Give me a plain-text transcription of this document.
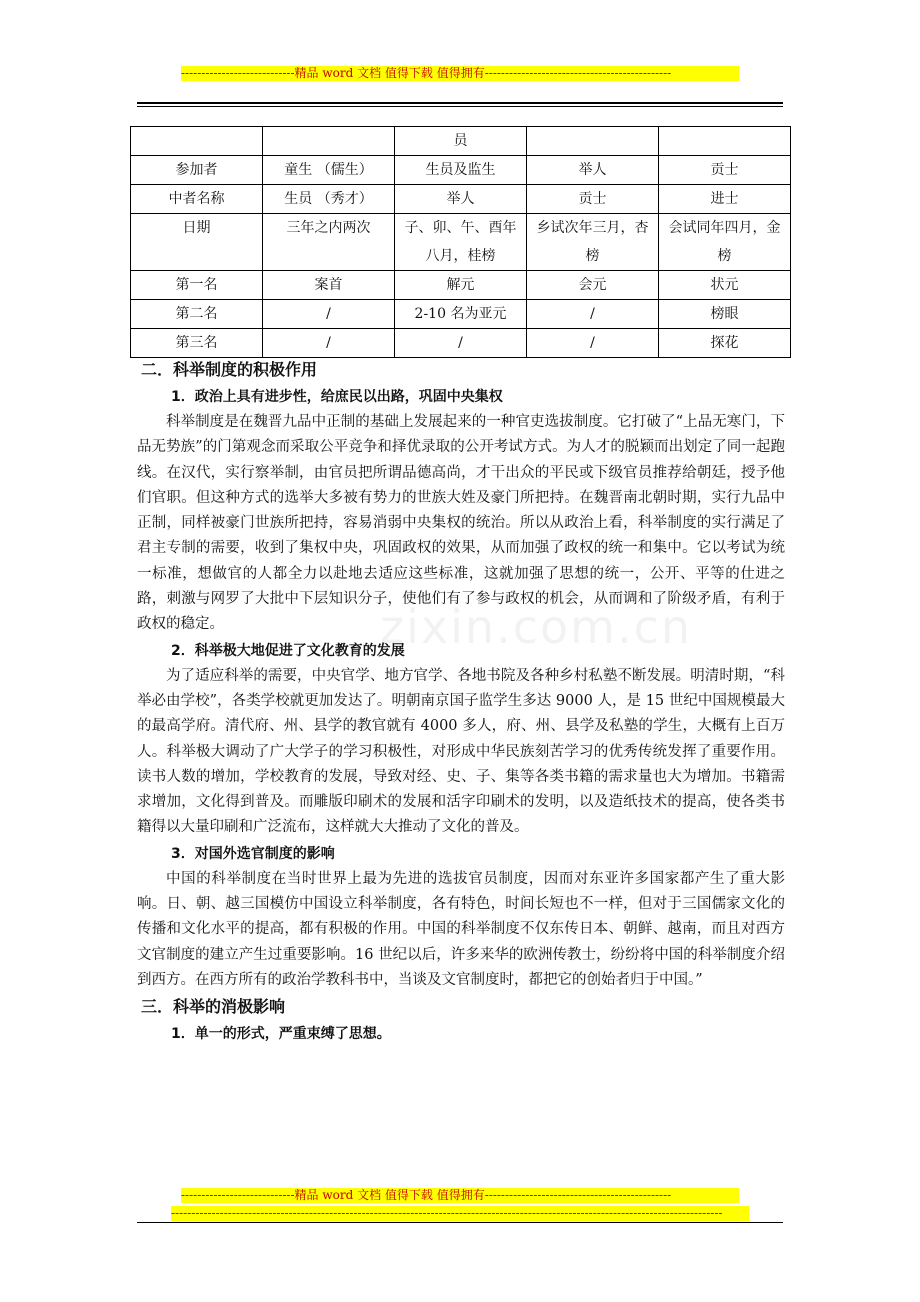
----------------------------精品 word 文档 值得下载 值得拥有----------------------------------------------
		员		
参加者	童生 （儒生）	生员及监生	举人	贡士
中者名称	生员 （秀才）	举人	贡士	进士
日期	三年之内两次	子、卯、午、酉年八月，桂榜	乡试次年三月，杏榜	会试同年四月，金榜
第一名	案首	解元	会元	状元
第二名	/	2-10 名为亚元	/	榜眼
第三名	/	/	/	探花
zixin.com.cn
二．科举制度的积极作用
1．政治上具有进步性，给庶民以出路，巩固中央集权

科举制度是在魏晋九品中正制的基础上发展起来的一种官吏选拔制度。它打破了“上品无寒门，下品无势族”的门第观念而采取公平竞争和择优录取的公开考试方式。为人才的脱颖而出划定了同一起跑线。在汉代，实行察举制，由官员把所谓品德高尚，才干出众的平民或下级官员推荐给朝廷，授予他们官职。但这种方式的选举大多被有势力的世族大姓及豪门所把持。在魏晋南北朝时期，实行九品中正制，同样被豪门世族所把持，容易消弱中央集权的统治。所以从政治上看，科举制度的实行满足了君主专制的需要，收到了集权中央，巩固政权的效果，从而加强了政权的统一和集中。它以考试为统一标准，想做官的人都全力以赴地去适应这些标准，这就加强了思想的统一，公开、平等的仕进之路，刺激与网罗了大批中下层知识分子，使他们有了参与政权的机会，从而调和了阶级矛盾，有利于政权的稳定。

2．科举极大地促进了文化教育的发展

为了适应科举的需要，中央官学、地方官学、各地书院及各种乡村私塾不断发展。明清时期，“科举必由学校”，各类学校就更加发达了。明朝南京国子监学生多达 9000 人，是 15 世纪中国规模最大的最高学府。清代府、州、县学的教官就有 4000 多人，府、州、县学及私塾的学生，大概有上百万人。科举极大调动了广大学子的学习积极性，对形成中华民族刻苦学习的优秀传统发挥了重要作用。读书人数的增加，学校教育的发展，导致对经、史、子、集等各类书籍的需求量也大为增加。书籍需求增加，文化得到普及。而雕版印刷术的发展和活字印刷术的发明，以及造纸技术的提高，使各类书籍得以大量印刷和广泛流布，这样就大大推动了文化的普及。

3．对国外选官制度的影响

中国的科举制度在当时世界上最为先进的选拔官员制度，因而对东亚许多国家都产生了重大影响。日、朝、越三国模仿中国设立科举制度，各有特色，时间长短也不一样，但对于三国儒家文化的传播和文化水平的提高，都有积极的作用。中国的科举制度不仅东传日本、朝鲜、越南，而且对西方文官制度的建立产生过重要影响。16 世纪以后，许多来华的欧洲传教士，纷纷将中国的科举制度介绍到西方。在西方所有的政治学教科书中，当谈及文官制度时，都把它的创始者归于中国。”

三．科举的消极影响
1．单一的形式，严重束缚了思想。
----------------------------精品 word 文档 值得下载 值得拥有----------------------------------------------
----------------------------------------------------------------------------------------------------------------------------------------
